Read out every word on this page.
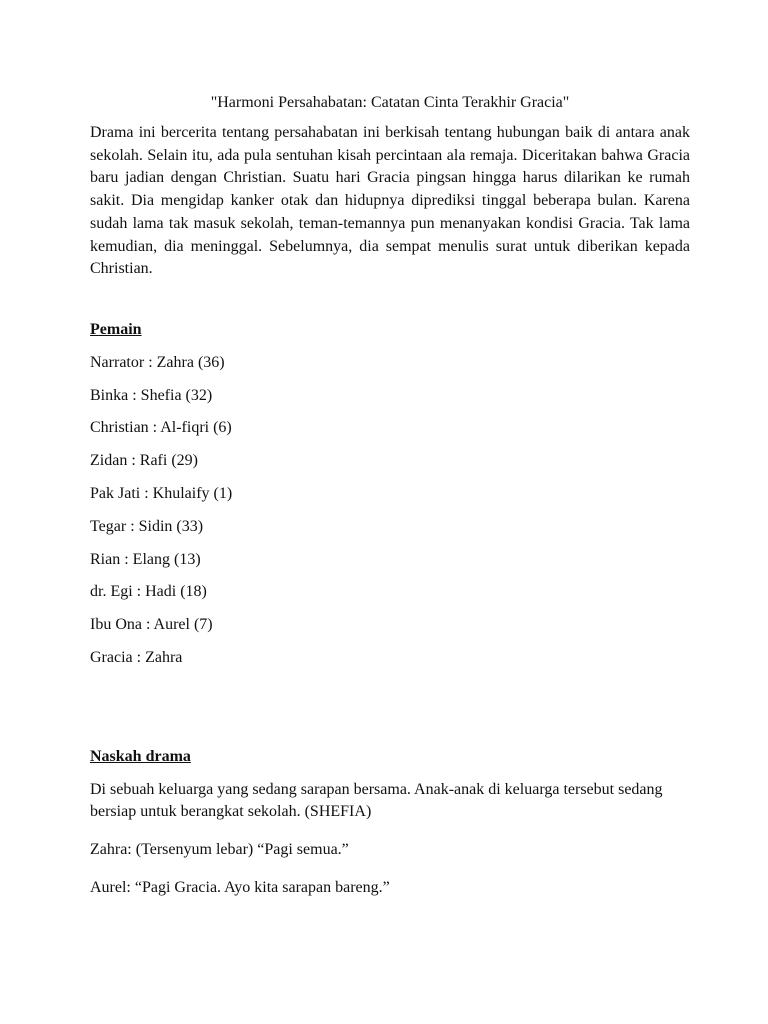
"Harmoni Persahabatan: Catatan Cinta Terakhir Gracia"

Drama ini bercerita tentang persahabatan ini berkisah tentang hubungan baik di antara anak sekolah. Selain itu, ada pula sentuhan kisah percintaan ala remaja. Diceritakan bahwa Gracia baru jadian dengan Christian. Suatu hari Gracia pingsan hingga harus dilarikan ke rumah sakit. Dia mengidap kanker otak dan hidupnya diprediksi tinggal beberapa bulan. Karena sudah lama tak masuk sekolah, teman-temannya pun menanyakan kondisi Gracia. Tak lama kemudian, dia meninggal. Sebelumnya, dia sempat menulis surat untuk diberikan kepada Christian.

Pemain

Narrator : Zahra (36)
Binka : Shefia (32)
Christian : Al-fiqri (6)
Zidan : Rafi (29)
Pak Jati : Khulaify (1)
Tegar : Sidin (33)
Rian : Elang (13)
dr. Egi : Hadi (18)
Ibu Ona : Aurel (7)
Gracia : Zahra

Naskah drama

Di sebuah keluarga yang sedang sarapan bersama. Anak-anak di keluarga tersebut sedang bersiap untuk berangkat sekolah. (SHEFIA)

Zahra: (Tersenyum lebar) “Pagi semua.”

Aurel: “Pagi Gracia. Ayo kita sarapan bareng.”
